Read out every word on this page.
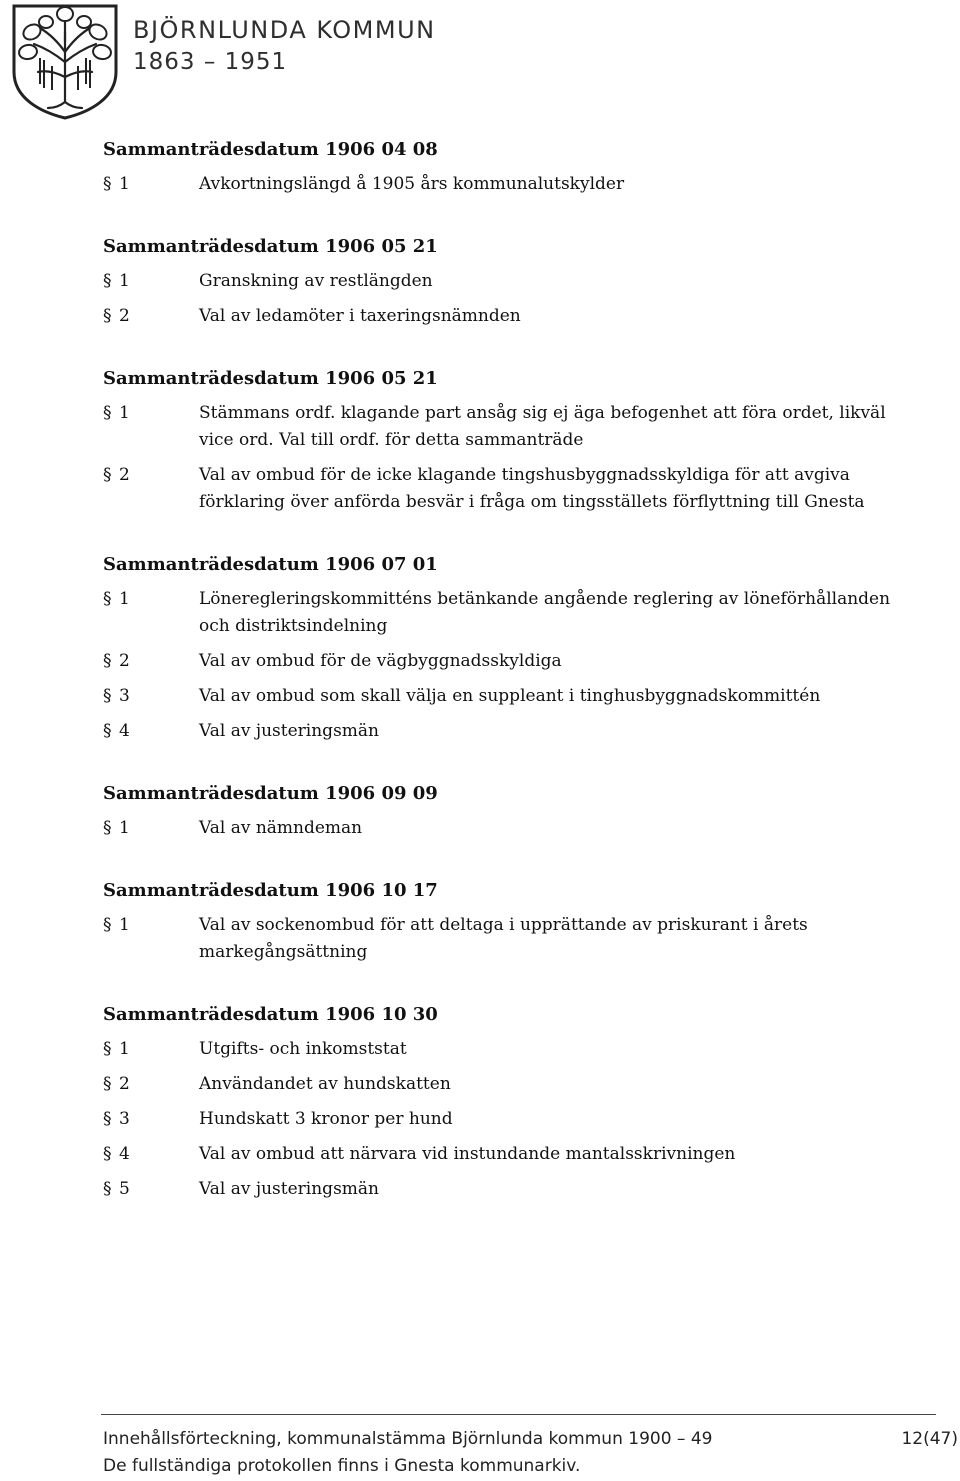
BJÖRNLUNDA KOMMUN
1863 – 1951
Sammanträdesdatum 1906 04 08
§ 1	Avkortningslängd å 1905 års kommunalutskylder
Sammanträdesdatum 1906 05 21
§ 1	Granskning av restlängden
§ 2	Val av ledamöter i taxeringsnämnden
Sammanträdesdatum 1906 05 21
§ 1	Stämmans ordf. klagande part ansåg sig ej äga befogenhet att föra ordet, likväl vice ord. Val till ordf. för detta sammanträde
§ 2	Val av ombud för de icke klagande tingshusbyggnadsskyldiga för att avgiva förklaring över anförda besvär i fråga om tingsställets förflyttning till Gnesta
Sammanträdesdatum 1906 07 01
§ 1	Löneregleringskommitténs betänkande angående reglering av löneförhållanden och distriktsindelning
§ 2	Val av ombud för de vägbyggnadsskyldiga
§ 3	Val av ombud som skall välja en suppleant i tinghusbyggnadskommittén
§ 4	Val av justeringsmän
Sammanträdesdatum 1906 09 09
§ 1	Val av nämndeman
Sammanträdesdatum 1906 10 17
§ 1	Val av sockenombud för att deltaga i upprättande av priskurant i årets markegångsättning
Sammanträdesdatum 1906 10 30
§ 1	Utgifts- och inkomststat
§ 2	Användandet av hundskatten
§ 3	Hundskatt 3 kronor per hund
§ 4	Val av ombud att närvara vid instundande mantalsskrivningen
§ 5	Val av justeringsmän
Innehållsförteckning, kommunalstämma Björnlunda kommun 1900 – 49	12(47)
De fullständiga protokollen finns i Gnesta kommunarkiv.
